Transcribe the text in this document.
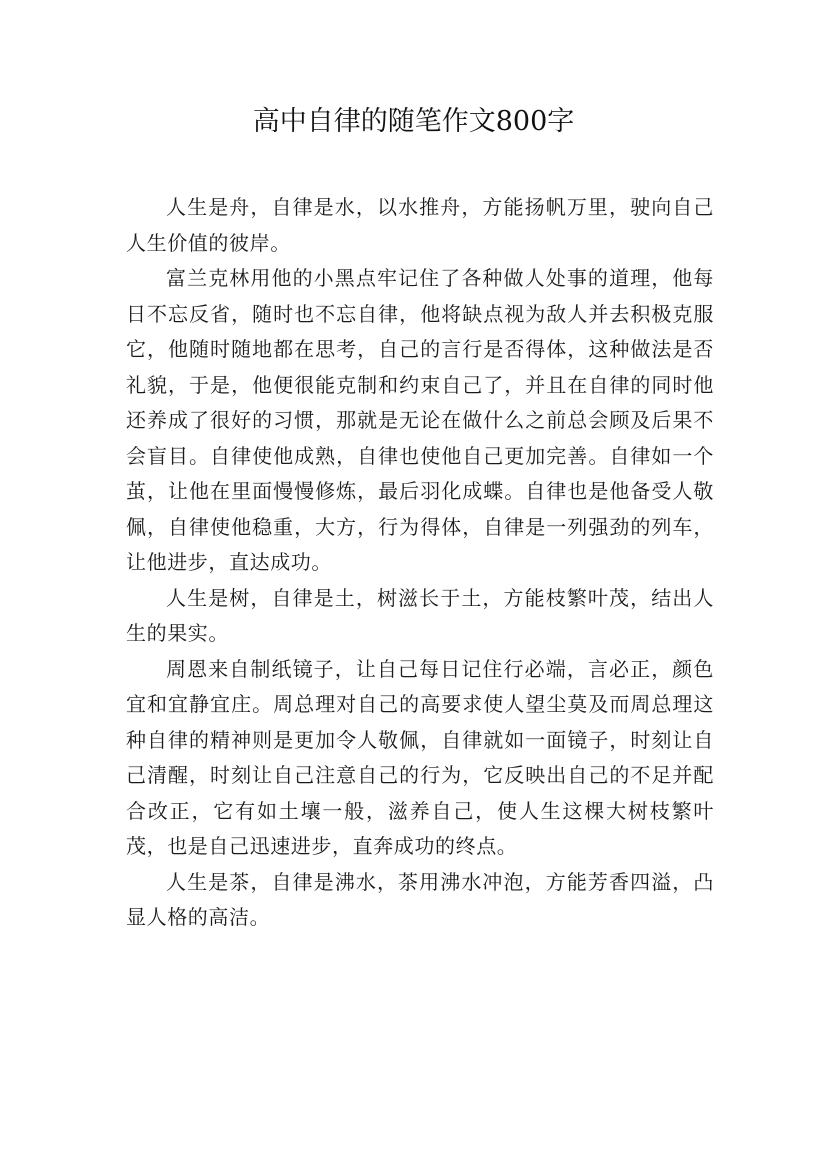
高中自律的随笔作文800字

人生是舟，自律是水，以水推舟，方能扬帆万里，驶向自己人生价值的彼岸。

富兰克林用他的小黑点牢记住了各种做人处事的道理，他每日不忘反省，随时也不忘自律，他将缺点视为敌人并去积极克服它，他随时随地都在思考，自己的言行是否得体，这种做法是否礼貌，于是，他便很能克制和约束自己了，并且在自律的同时他还养成了很好的习惯，那就是无论在做什么之前总会顾及后果不会盲目。自律使他成熟，自律也使他自己更加完善。自律如一个茧，让他在里面慢慢修炼，最后羽化成蝶。自律也是他备受人敬佩，自律使他稳重，大方，行为得体，自律是一列强劲的列车，让他进步，直达成功。

人生是树，自律是土，树滋长于土，方能枝繁叶茂，结出人生的果实。

周恩来自制纸镜子，让自己每日记住行必端，言必正，颜色宜和宜静宜庄。周总理对自己的高要求使人望尘莫及而周总理这种自律的精神则是更加令人敬佩，自律就如一面镜子，时刻让自己清醒，时刻让自己注意自己的行为，它反映出自己的不足并配合改正，它有如土壤一般，滋养自己，使人生这棵大树枝繁叶茂，也是自己迅速进步，直奔成功的终点。

人生是茶，自律是沸水，茶用沸水冲泡，方能芳香四溢，凸显人格的高洁。
